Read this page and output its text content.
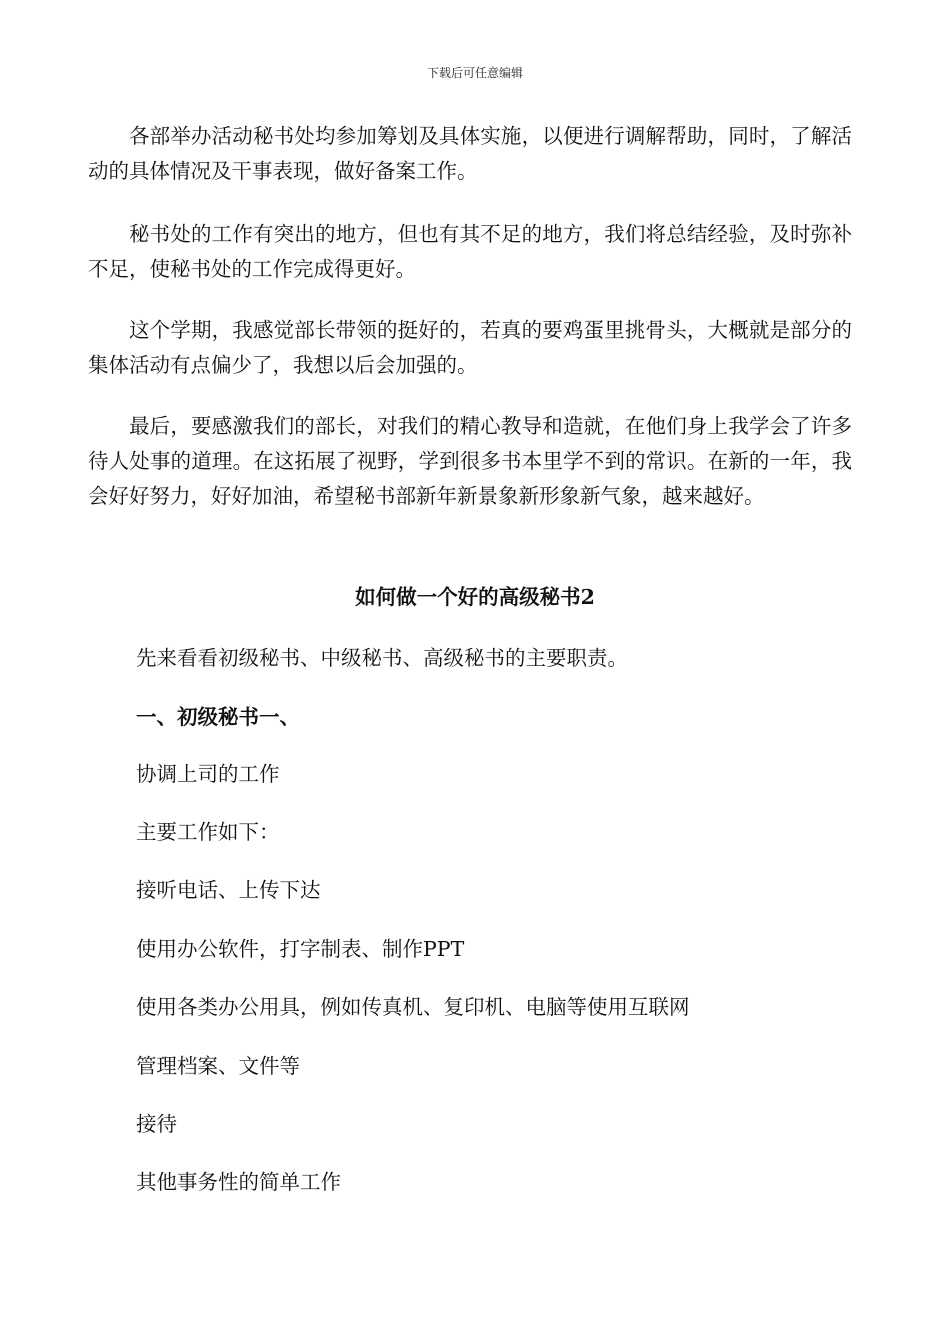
下载后可任意编辑

各部举办活动秘书处均参加筹划及具体实施，以便进行调解帮助，同时，了解活动的具体情况及干事表现，做好备案工作。

秘书处的工作有突出的地方，但也有其不足的地方，我们将总结经验，及时弥补不足，使秘书处的工作完成得更好。

这个学期，我感觉部长带领的挺好的，若真的要鸡蛋里挑骨头，大概就是部分的集体活动有点偏少了，我想以后会加强的。

最后，要感激我们的部长，对我们的精心教导和造就，在他们身上我学会了许多待人处事的道理。在这拓展了视野，学到很多书本里学不到的常识。在新的一年，我会好好努力，好好加油，希望秘书部新年新景象新形象新气象，越来越好。

如何做一个好的高级秘书2
先来看看初级秘书、中级秘书、高级秘书的主要职责。
一、初级秘书一、
协调上司的工作
主要工作如下：
接听电话、上传下达
使用办公软件，打字制表、制作PPT
使用各类办公用具，例如传真机、复印机、电脑等使用互联网
管理档案、文件等
接待
其他事务性的简单工作
